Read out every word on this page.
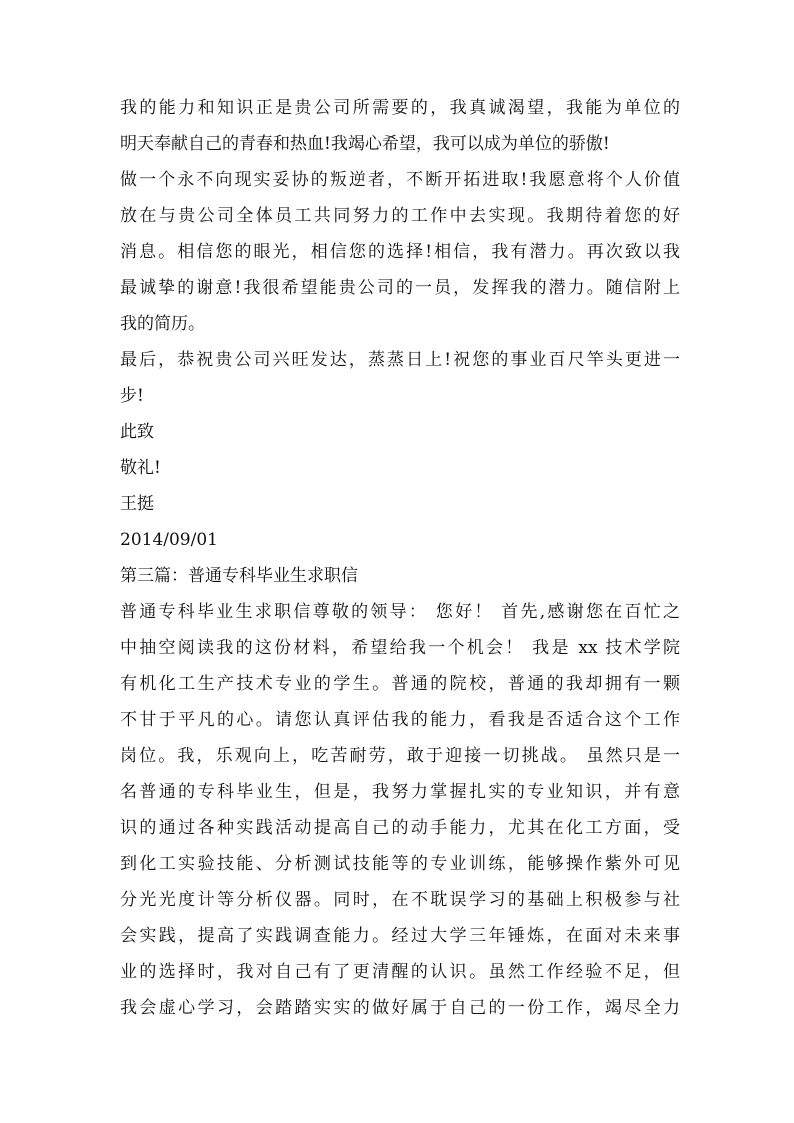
我的能力和知识正是贵公司所需要的，我真诚渴望，我能为单位的
明天奉献自己的青春和热血!我竭心希望，我可以成为单位的骄傲!
做一个永不向现实妥协的叛逆者，不断开拓进取!我愿意将个人价值
放在与贵公司全体员工共同努力的工作中去实现。我期待着您的好
消息。相信您的眼光，相信您的选择!相信，我有潜力。再次致以我
最诚挚的谢意!我很希望能贵公司的一员，发挥我的潜力。随信附上
我的简历。
最后，恭祝贵公司兴旺发达，蒸蒸日上!祝您的事业百尺竿头更进一
步!
此致
敬礼!
王挺
2014/09/01
第三篇：普通专科毕业生求职信
普通专科毕业生求职信尊敬的领导： 您好！ 首先,感谢您在百忙之
中抽空阅读我的这份材料，希望给我一个机会！ 我是 xx 技术学院
有机化工生产技术专业的学生。普通的院校，普通的我却拥有一颗
不甘于平凡的心。请您认真评估我的能力，看我是否适合这个工作
岗位。我，乐观向上，吃苦耐劳，敢于迎接一切挑战。 虽然只是一
名普通的专科毕业生，但是，我努力掌握扎实的专业知识，并有意
识的通过各种实践活动提高自己的动手能力，尤其在化工方面，受
到化工实验技能、分析测试技能等的专业训练，能够操作紫外可见
分光光度计等分析仪器。同时，在不耽误学习的基础上积极参与社
会实践，提高了实践调查能力。经过大学三年锤炼，在面对未来事
业的选择时，我对自己有了更清醒的认识。虽然工作经验不足，但
我会虚心学习，会踏踏实实的做好属于自己的一份工作，竭尽全力
